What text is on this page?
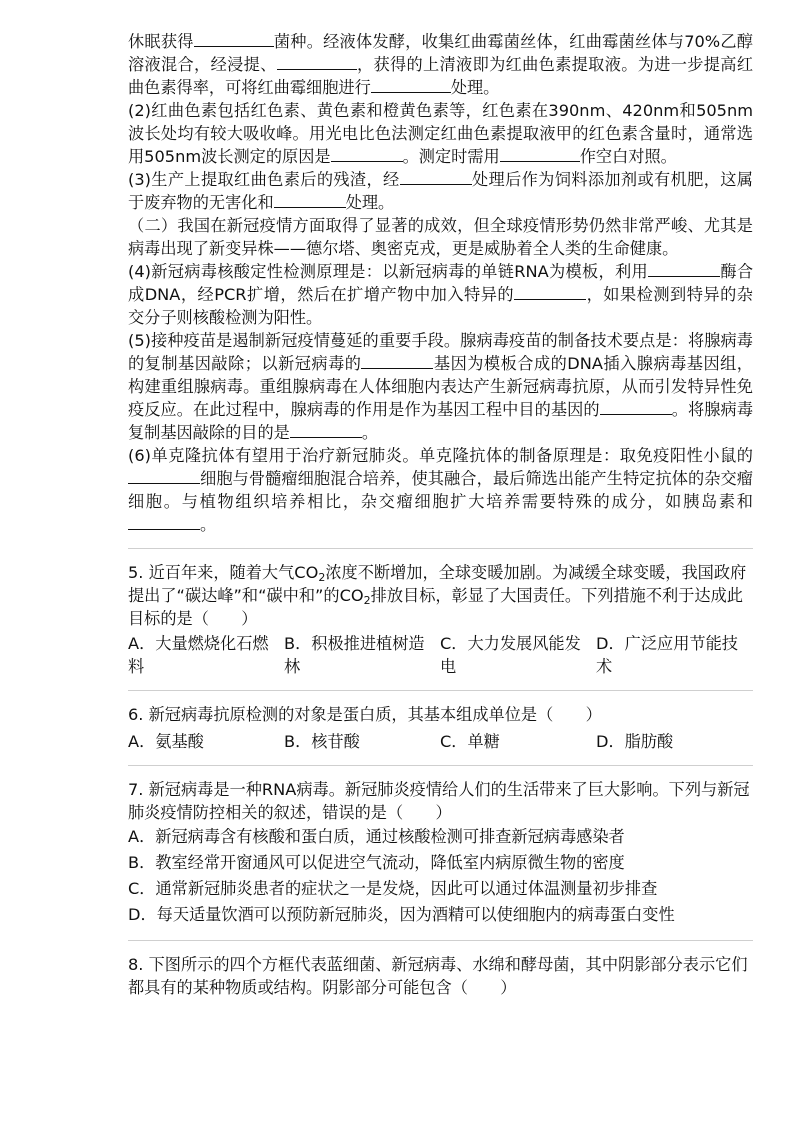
休眠获得	菌种。经液体发酵，收集红曲霉菌丝体，红曲霉菌丝体与70%乙醇溶液混合，经浸提、	，获得的上清液即为红曲色素提取液。为进一步提高红曲色素得率，可将红曲霉细胞进行	处理。

(2)红曲色素包括红色素、黄色素和橙黄色素等，红色素在390nm、420nm和505nm波长处均有较大吸收峰。用光电比色法测定红曲色素提取液甲的红色素含量时，通常选用505nm波长测定的原因是	。测定时需用	作空白对照。

(3)生产上提取红曲色素后的残渣，经	处理后作为饲料添加剂或有机肥，这属于废弃物的无害化和	处理。

（二）我国在新冠疫情方面取得了显著的成效，但全球疫情形势仍然非常严峻、尤其是病毒出现了新变异株——德尔塔、奥密克戎，更是威胁着全人类的生命健康。

(4)新冠病毒核酸定性检测原理是：以新冠病毒的单链RNA为模板，利用	酶合成DNA，经PCR扩增，然后在扩增产物中加入特异的	，如果检测到特异的杂交分子则核酸检测为阳性。

(5)接种疫苗是遏制新冠疫情蔓延的重要手段。腺病毒疫苗的制备技术要点是：将腺病毒的复制基因敲除；以新冠病毒的	基因为模板合成的DNA插入腺病毒基因组，构建重组腺病毒。重组腺病毒在人体细胞内表达产生新冠病毒抗原，从而引发特异性免疫反应。在此过程中，腺病毒的作用是作为基因工程中目的基因的	。将腺病毒复制基因敲除的目的是	。

(6)单克隆抗体有望用于治疗新冠肺炎。单克隆抗体的制备原理是：取免疫阳性小鼠的细胞与骨髓瘤细胞混合培养，使其融合，最后筛选出能产生特定抗体的杂交瘤细胞。与植物组织培养相比，杂交瘤细胞扩大培养需要特殊的成分，如胰岛素和。

5. 近百年来，随着大气$CO_2$浓度不断增加，全球变暖加剧。为减缓全球变暖，我国政府提出了“碳达峰”和“碳中和”的$CO_2$排放目标，彰显了大国责任。下列措施不利于达成此目标的是（　　）

A．大量燃烧化石燃料
B．积极推进植树造林
C．大力发展风能发电
D．广泛应用节能技术

6. 新冠病毒抗原检测的对象是蛋白质，其基本组成单位是（　　）

A．氨基酸	B．核苷酸	C．单糖	D．脂肪酸

7. 新冠病毒是一种RNA病毒。新冠肺炎疫情给人们的生活带来了巨大影响。下列与新冠肺炎疫情防控相关的叙述，错误的是（　　）

A．新冠病毒含有核酸和蛋白质，通过核酸检测可排查新冠病毒感染者
B．教室经常开窗通风可以促进空气流动，降低室内病原微生物的密度
C．通常新冠肺炎患者的症状之一是发烧，因此可以通过体温测量初步排查
D．每天适量饮酒可以预防新冠肺炎，因为酒精可以使细胞内的病毒蛋白变性

8. 下图所示的四个方框代表蓝细菌、新冠病毒、水绵和酵母菌，其中阴影部分表示它们都具有的某种物质或结构。阴影部分可能包含（　　）
